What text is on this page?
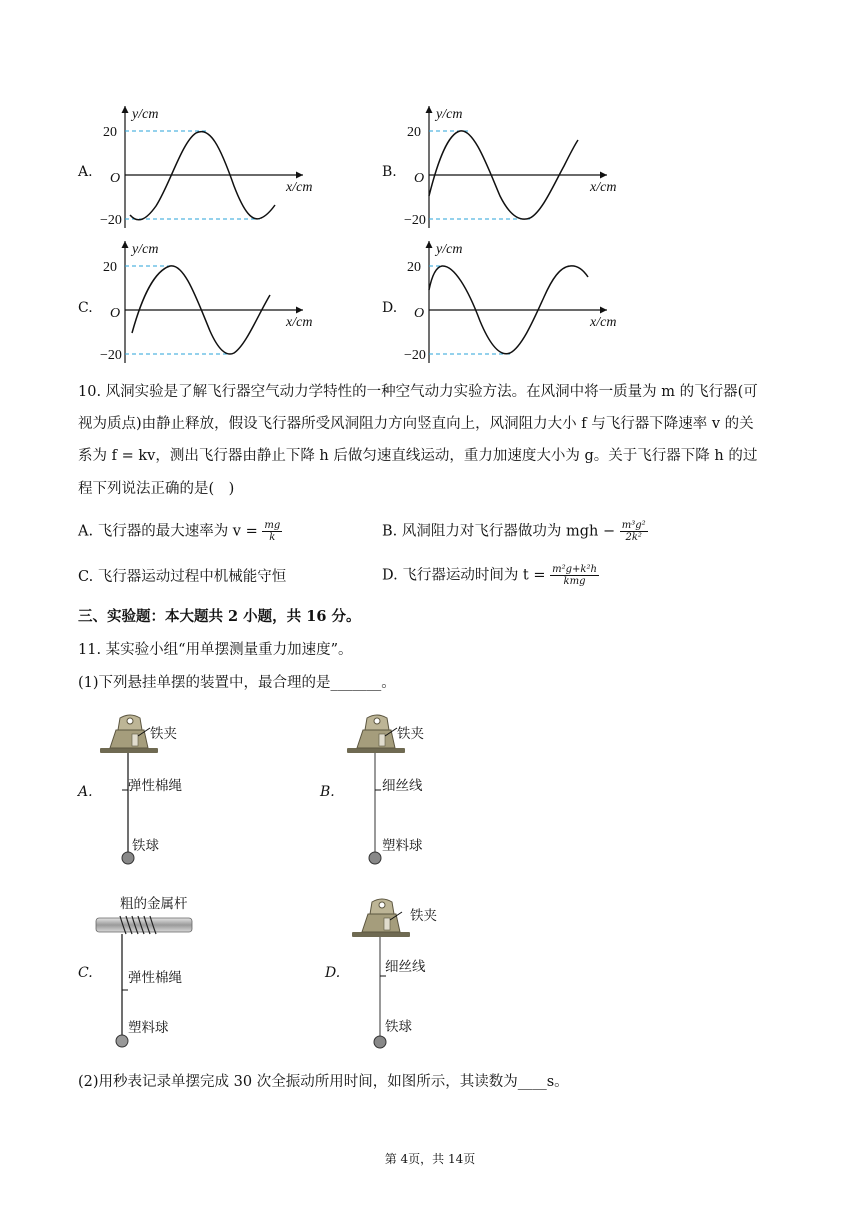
A.
y/cm
20
O
−20
x/cm
B.
y/cm
20
O
−20
x/cm
C.
y/cm
20
O
−20
x/cm
D.
y/cm
20
O
−20
x/cm
10. 风洞实验是了解飞行器空气动力学特性的一种空气动力实验方法。在风洞中将一质量为 m 的飞行器(可
视为质点)由静止释放，假设飞行器所受风洞阻力方向竖直向上，风洞阻力大小 f 与飞行器下降速率 v 的关
系为 f = kv，测出飞行器由静止下降 h 后做匀速直线运动，重力加速度大小为 g。关于飞行器下降 h 的过
程下列说法正确的是(　)
A. 飞行器的最大速率为 $v = \frac{mg}{k}$	B. 风洞阻力对飞行器做功为 mgh − $\frac{\text{m³g²}}{\text{2k²}}$
C. 飞行器运动过程中机械能守恒	D. 飞行器运动时间为 $t = \frac{\text{m²g+k²h}}{\text{kmg}}$
三、实验题：本大题共 2 小题，共 16 分。
11. 某实验小组“用单摆测量重力加速度”。
(1)下列悬挂单摆的装置中，最合理的是_______。
A.
铁夹
弹性棉绳
铁球
B.
铁夹
细丝线
塑料球
C.
粗的金属杆
弹性棉绳
塑料球
D.
铁夹
细丝线
铁球
(2)用秒表记录单摆完成 30 次全振动所用时间，如图所示，其读数为____s。
第 4页，共 14页
